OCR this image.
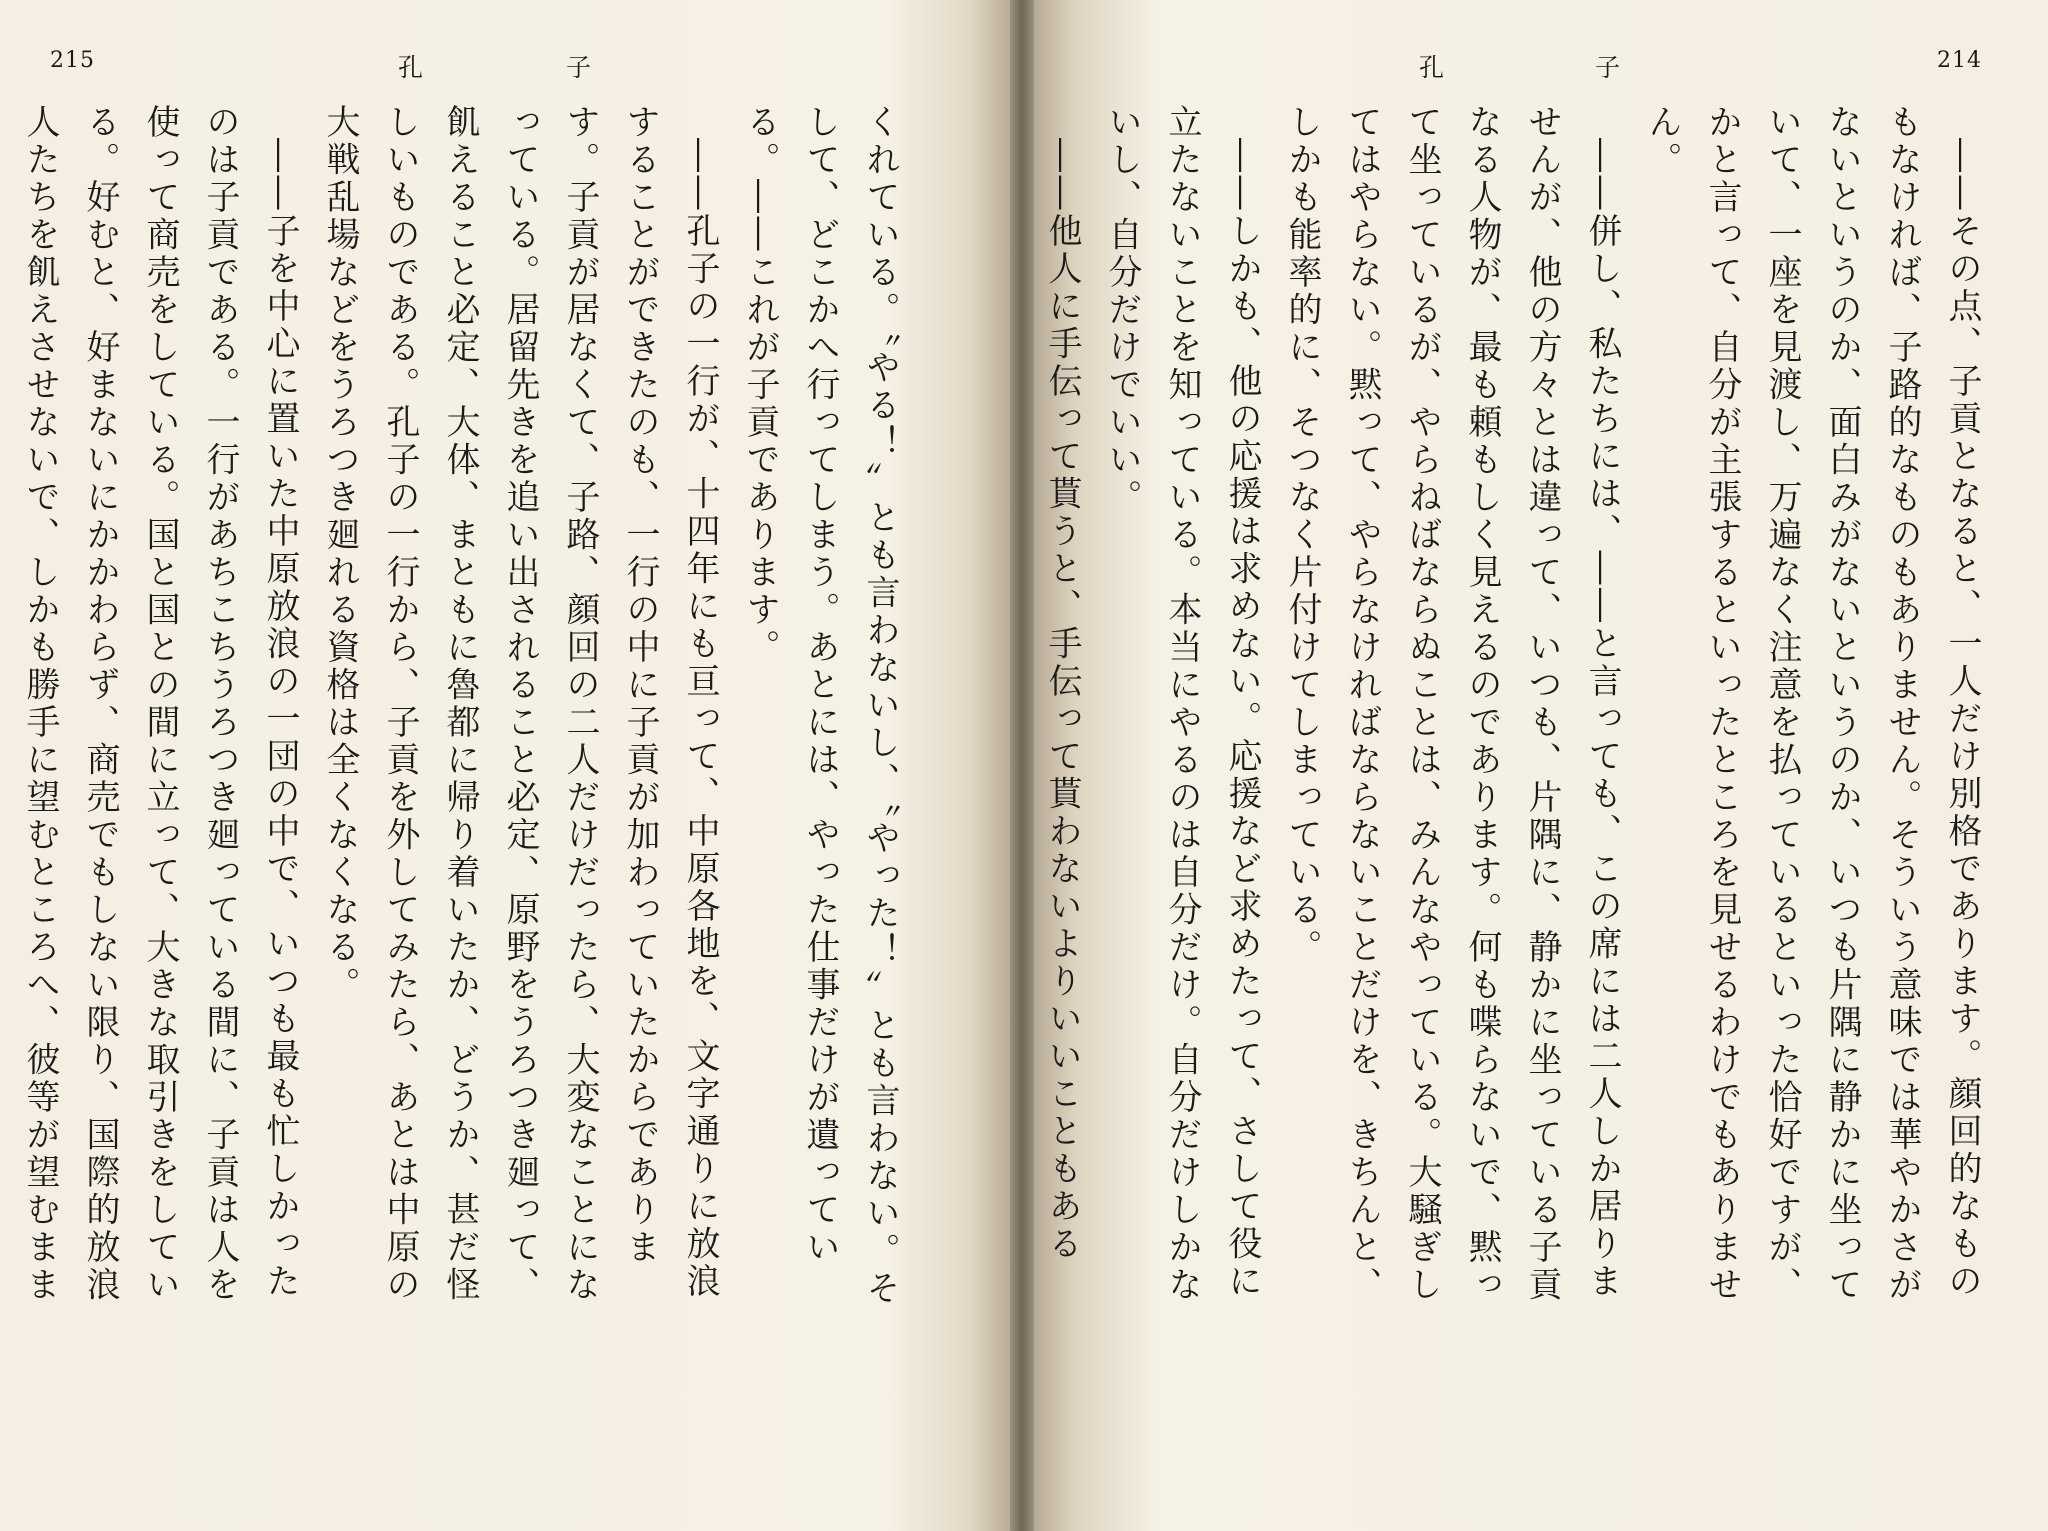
215	孔	子

くれている。〝やる！〟とも言わないし、〝やった！〟とも言わない。そして、どこかへ行ってしまう。あとには、やった仕事だけが遺っている。――これが子貢であります。

――孔子の一行が、十四年にも亘って、中原各地を、文字通りに放浪することができたのも、一行の中に子貢が加わっていたからであります。子貢が居なくて、子路、顔回の二人だけだったら、大変なことになっている。居留先きを追い出されること必定、原野をうろつき廻って、飢えること必定、大体、まともに魯都に帰り着いたか、どうか、甚だ怪しいものである。孔子の一行から、子貢を外してみたら、あとは中原の大戦乱場などをうろつき廻れる資格は全くなくなる。

――子を中心に置いた中原放浪の一団の中で、いつも最も忙しかったのは子貢である。一行があちこちうろつき廻っている間に、子貢は人を使って商売をしている。国と国との間に立って、大きな取引きをしている。好むと、好まないにかかわらず、商売でもしない限り、国際的放浪人たちを飢えさせないで、しかも勝手に望むところへ、彼等が望むまま

孔	子	214

――その点、子貢となると、一人だけ別格であります。顔回的なものもなければ、子路的なものもありません。そういう意味では華やかさがないというのか、面白みがないというのか、いつも片隅に静かに坐っていて、一座を見渡し、万遍なく注意を払っているといった恰好ですが、かと言って、自分が主張するといったところを見せるわけでもありません。

――併し、私たちには、――と言っても、この席には二人しか居りませんが、他の方々とは違って、いつも、片隅に、静かに坐っている子貢なる人物が、最も頼もしく見えるのであります。何も喋らないで、黙って坐っているが、やらねばならぬことは、みんなやっている。大騒ぎしてはやらない。黙って、やらなければならないことだけを、きちんと、しかも能率的に、そつなく片付けてしまっている。

――しかも、他の応援は求めない。応援など求めたって、さして役に立たないことを知っている。本当にやるのは自分だけ。自分だけしかないし、自分だけでいい。

――他人に手伝って貰うと、手伝って貰わないよりいいこともある
